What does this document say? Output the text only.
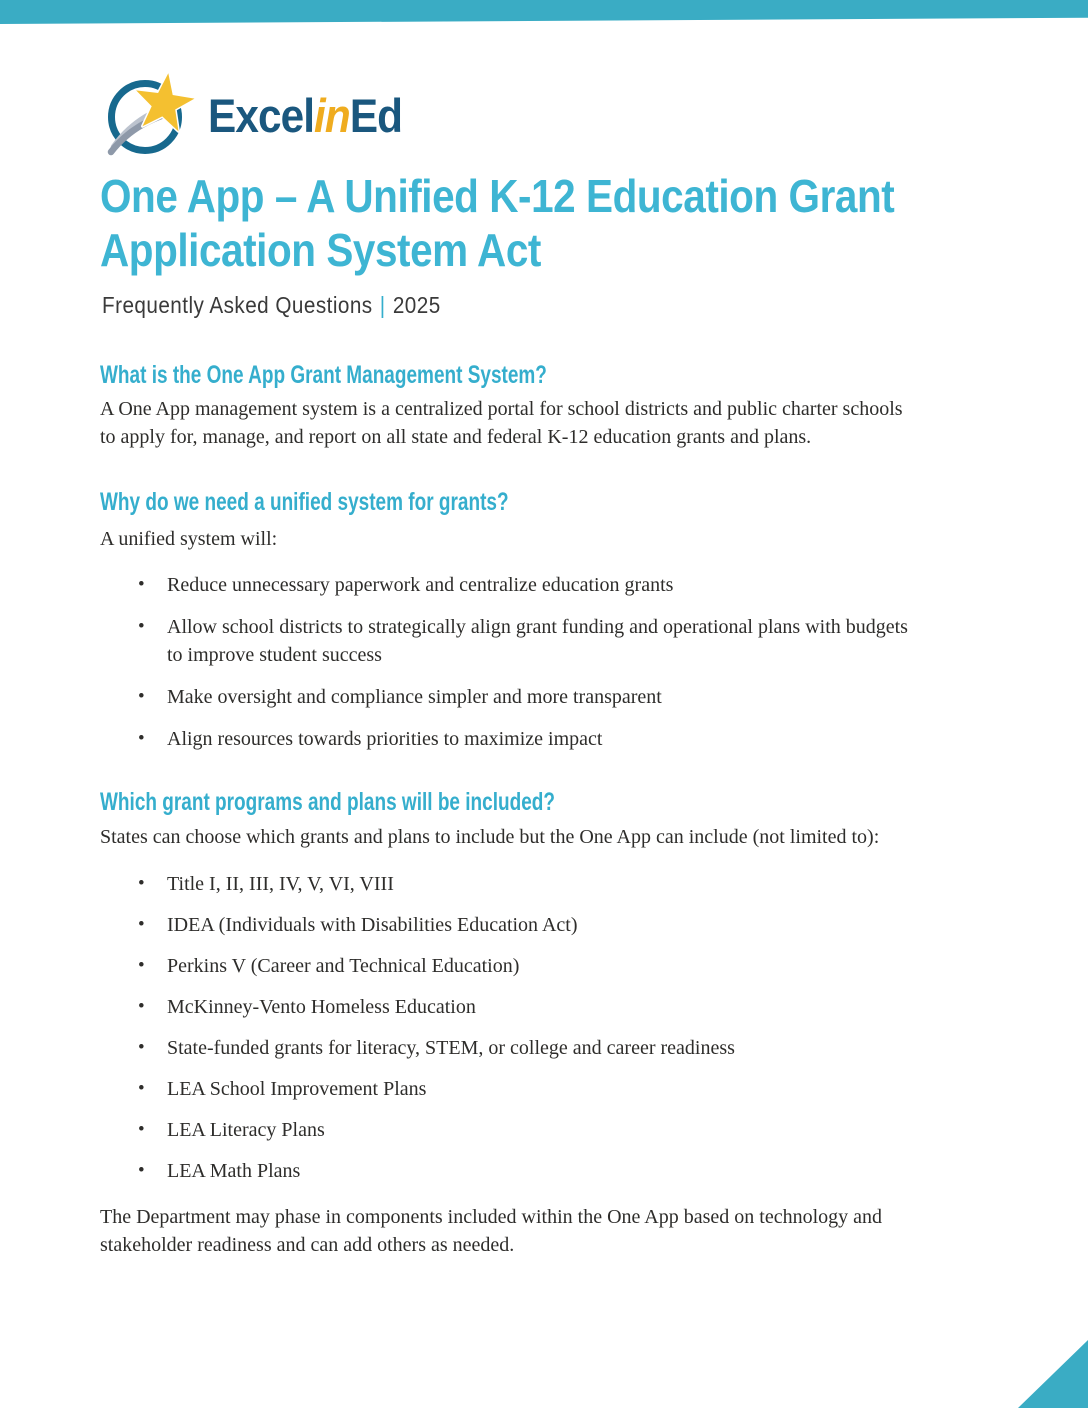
ExcelinEd
One App – A Unified K-12 Education Grant
Application System Act
Frequently Asked Questions | 2025
What is the One App Grant Management System?
A One App management system is a centralized portal for school districts and public charter schools
to apply for, manage, and report on all state and federal K-12 education grants and plans.
Why do we need a unified system for grants?
A unified system will:
• Reduce unnecessary paperwork and centralize education grants
• Allow school districts to strategically align grant funding and operational plans with budgets
to improve student success
• Make oversight and compliance simpler and more transparent
• Align resources towards priorities to maximize impact
Which grant programs and plans will be included?
States can choose which grants and plans to include but the One App can include (not limited to):
• Title I, II, III, IV, V, VI, VIII
• IDEA (Individuals with Disabilities Education Act)
• Perkins V (Career and Technical Education)
• McKinney-Vento Homeless Education
• State-funded grants for literacy, STEM, or college and career readiness
• LEA School Improvement Plans
• LEA Literacy Plans
• LEA Math Plans
The Department may phase in components included within the One App based on technology and
stakeholder readiness and can add others as needed.
